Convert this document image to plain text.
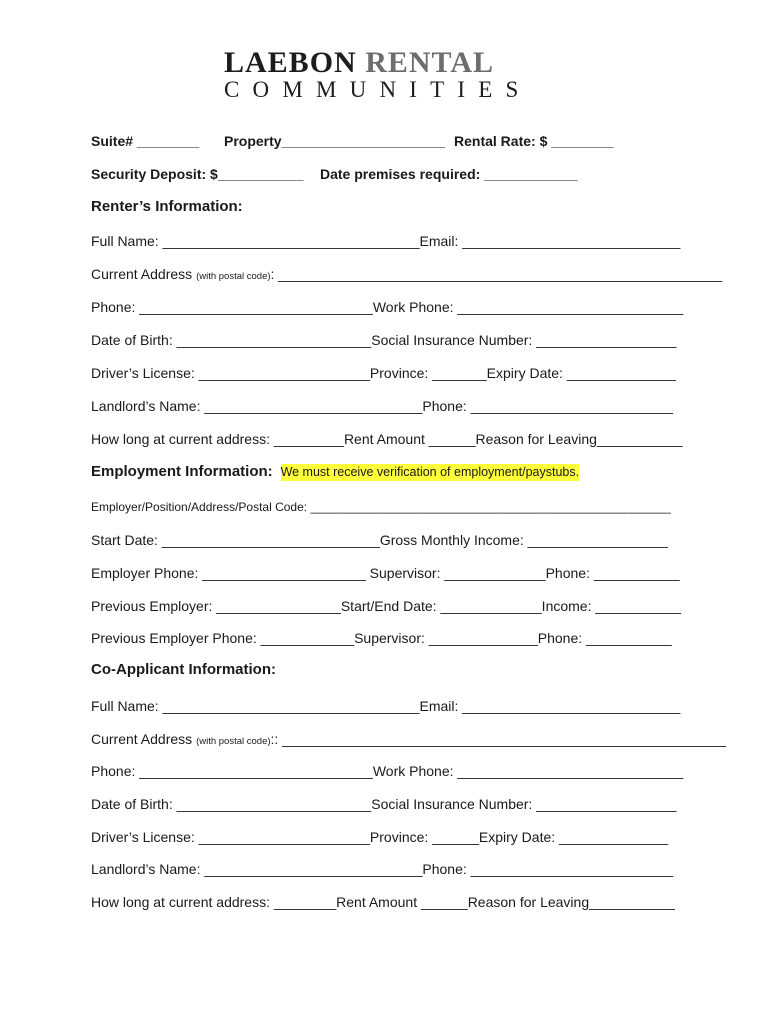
LAEBON RENTAL
COMMUNITIES
Suite# ________ Property_____________________ Rental Rate: $ ________
Security Deposit: $___________ Date premises required: ____________
Renter’s Information:
Full Name: _________________________________Email: ____________________________
Current Address (with postal code): _________________________________________________________
Phone: ______________________________Work Phone: _____________________________
Date of Birth: _________________________Social Insurance Number: __________________
Driver’s License: ______________________Province: _______Expiry Date: ______________
Landlord’s Name: ____________________________Phone: __________________________
How long at current address: _________Rent Amount ______Reason for Leaving___________
Employment Information: We must receive verification of employment/paystubs.
Employer/Position/Address/Postal Code: ______________________________________________________
Start Date: ____________________________Gross Monthly Income: __________________
Employer Phone: _____________________ Supervisor: _____________Phone: ___________
Previous Employer: ________________Start/End Date: _____________Income: ___________
Previous Employer Phone: ____________Supervisor: ______________Phone: ___________
Co-Applicant Information:
Full Name: _________________________________Email: ____________________________
Current Address (with postal code):: _________________________________________________________
Phone: ______________________________Work Phone: _____________________________
Date of Birth: _________________________Social Insurance Number: __________________
Driver’s License: ______________________Province: ______Expiry Date: ______________
Landlord’s Name: ____________________________Phone: __________________________
How long at current address: ________Rent Amount ______Reason for Leaving___________
